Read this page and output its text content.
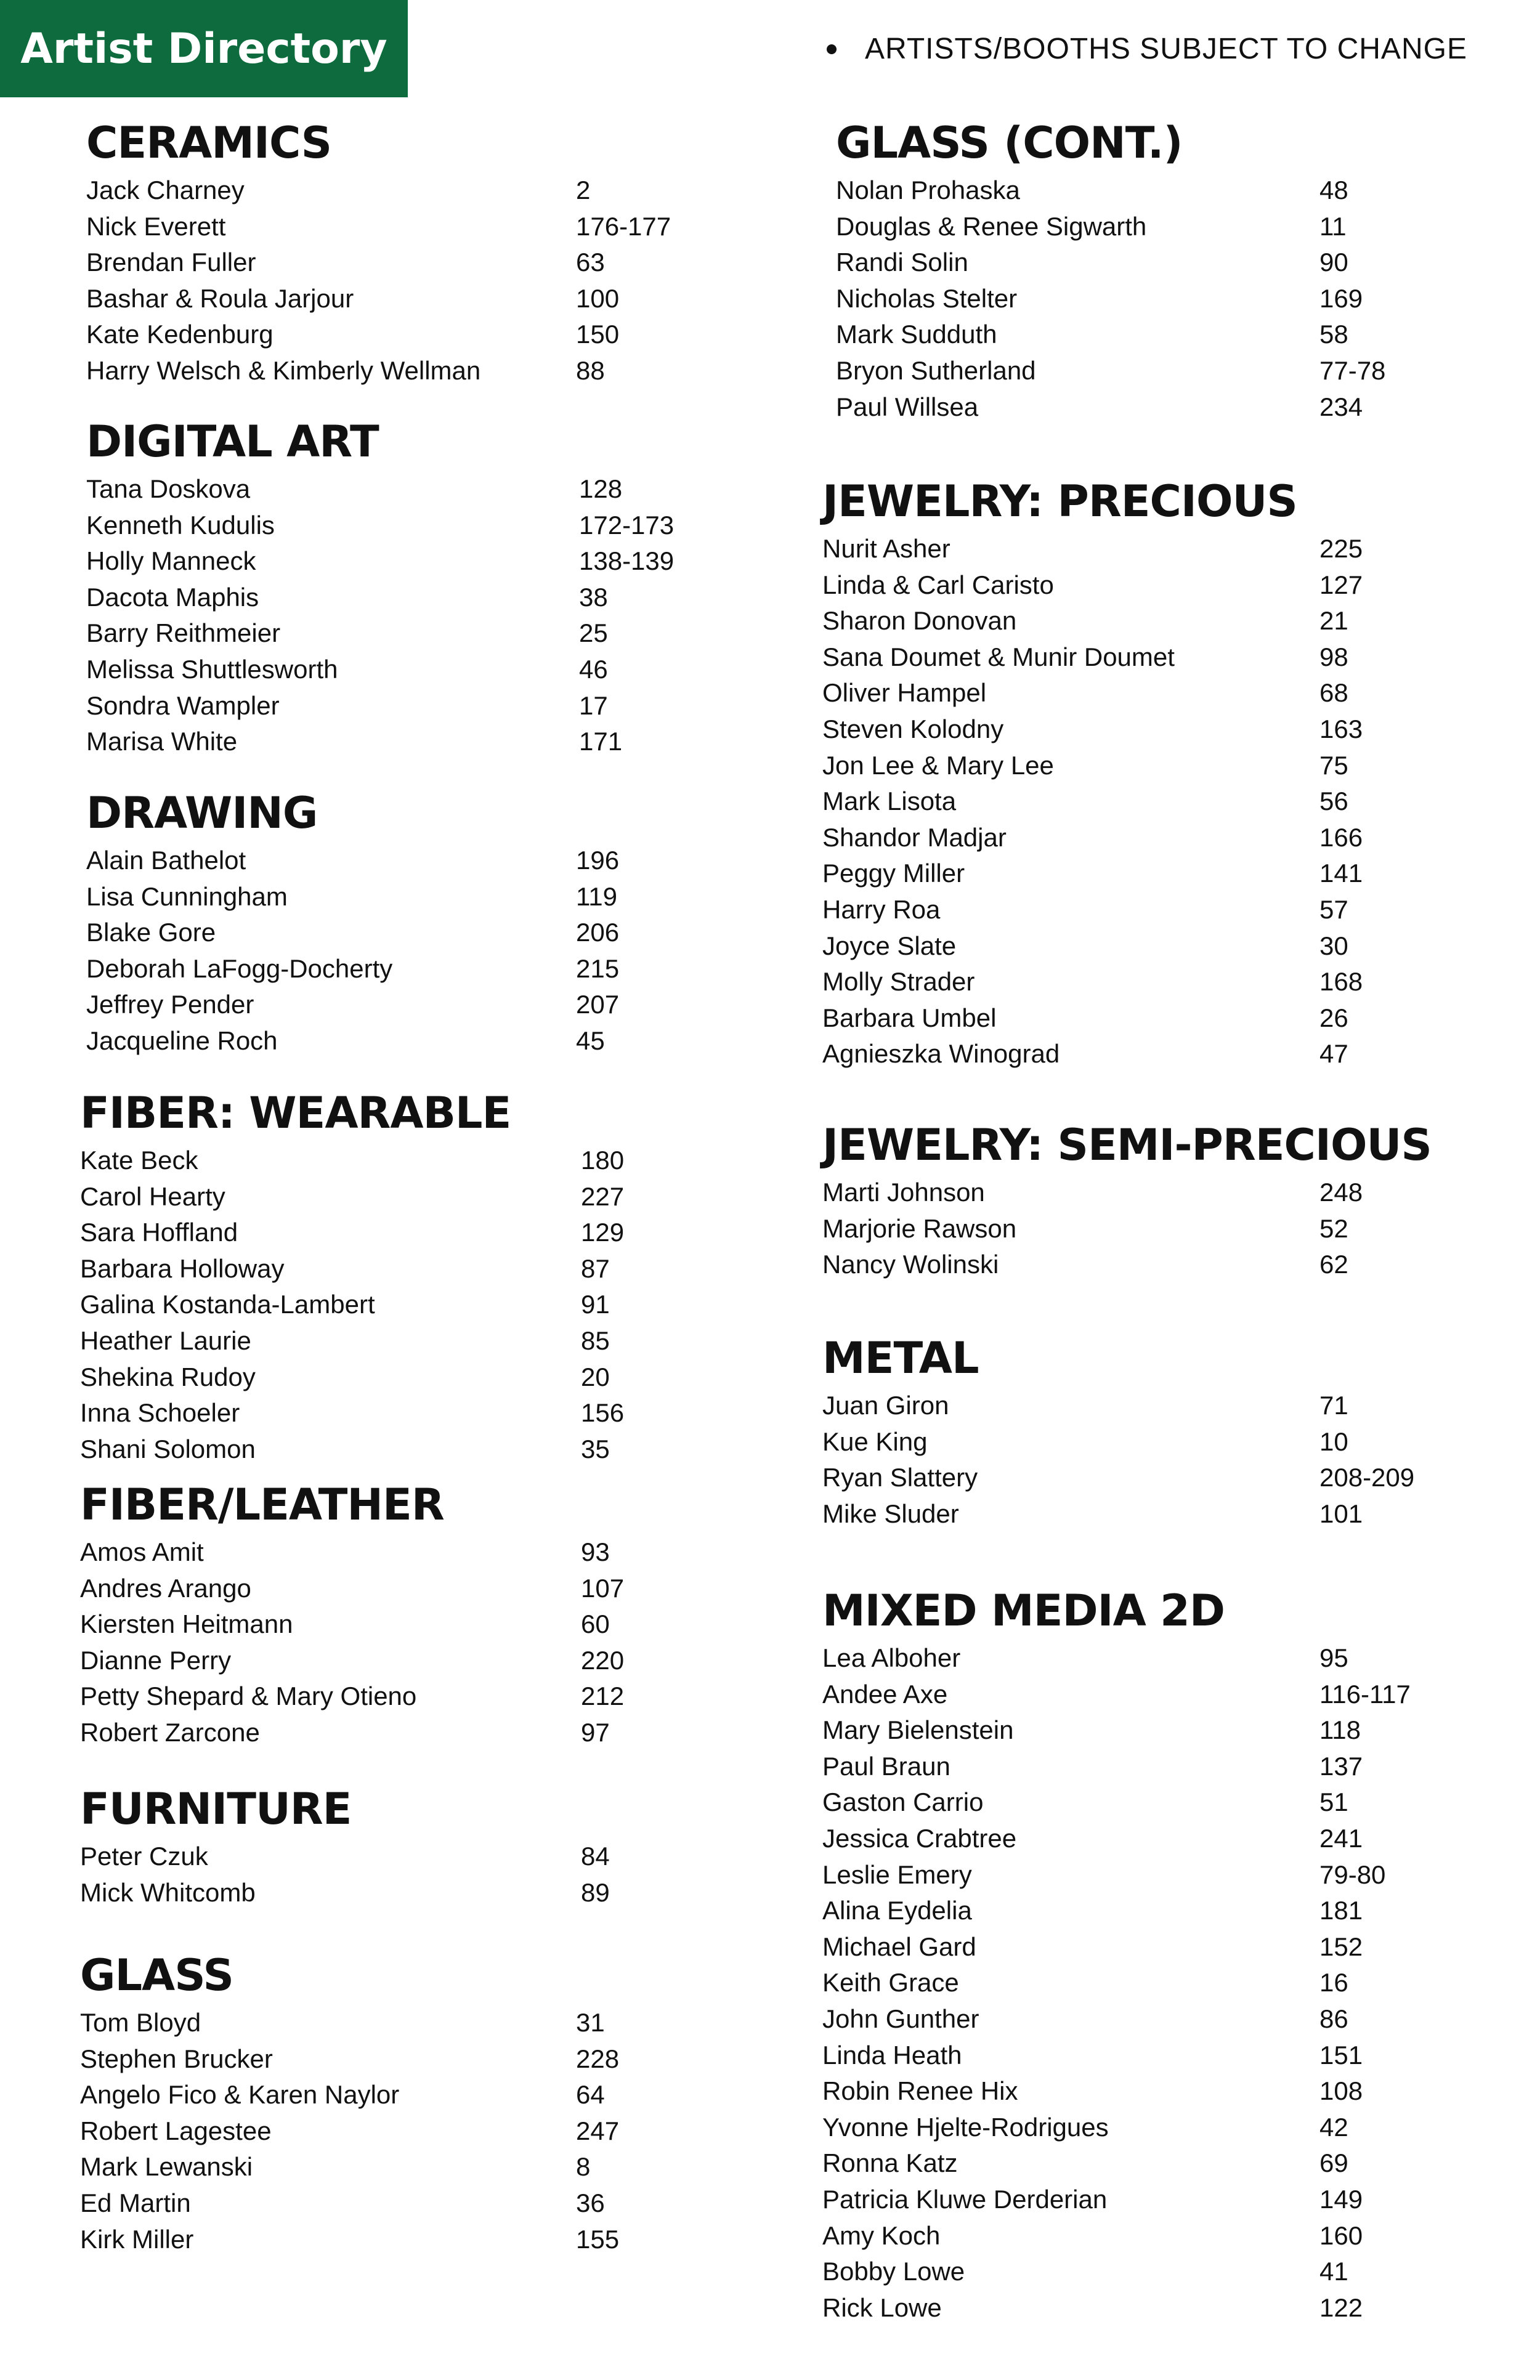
Artist Directory	ARTISTS/BOOTHS SUBJECT TO CHANGE
CERAMICS
Jack Charney	2
Nick Everett	176-177
Brendan Fuller	63
Bashar & Roula Jarjour	100
Kate Kedenburg	150
Harry Welsch & Kimberly Wellman	88
DIGITAL ART
Tana Doskova	128
Kenneth Kudulis	172-173
Holly Manneck	138-139
Dacota Maphis	38
Barry Reithmeier	25
Melissa Shuttlesworth	46
Sondra Wampler	17
Marisa White	171
DRAWING
Alain Bathelot	196
Lisa Cunningham	119
Blake Gore	206
Deborah LaFogg-Docherty	215
Jeffrey Pender	207
Jacqueline Roch	45
FIBER: WEARABLE
Kate Beck	180
Carol Hearty	227
Sara Hoffland	129
Barbara Holloway	87
Galina Kostanda-Lambert	91
Heather Laurie	85
Shekina Rudoy	20
Inna Schoeler	156
Shani Solomon	35
FIBER/LEATHER
Amos Amit	93
Andres Arango	107
Kiersten Heitmann	60
Dianne Perry	220
Petty Shepard & Mary Otieno	212
Robert Zarcone	97
FURNITURE
Peter Czuk	84
Mick Whitcomb	89
GLASS
Tom Bloyd	31
Stephen Brucker	228
Angelo Fico & Karen Naylor	64
Robert Lagestee	247
Mark Lewanski	8
Ed Martin	36
Kirk Miller	155
GLASS (CONT.)
Nolan Prohaska	48
Douglas & Renee Sigwarth	11
Randi Solin	90
Nicholas Stelter	169
Mark Sudduth	58
Bryon Sutherland	77-78
Paul Willsea	234
JEWELRY: PRECIOUS
Nurit Asher	225
Linda & Carl Caristo	127
Sharon Donovan	21
Sana Doumet & Munir Doumet	98
Oliver Hampel	68
Steven Kolodny	163
Jon Lee & Mary Lee	75
Mark Lisota	56
Shandor Madjar	166
Peggy Miller	141
Harry Roa	57
Joyce Slate	30
Molly Strader	168
Barbara Umbel	26
Agnieszka Winograd	47
JEWELRY: SEMI-PRECIOUS
Marti Johnson	248
Marjorie Rawson	52
Nancy Wolinski	62
METAL
Juan Giron	71
Kue King	10
Ryan Slattery	208-209
Mike Sluder	101
MIXED MEDIA 2D
Lea Alboher	95
Andee Axe	116-117
Mary Bielenstein	118
Paul Braun	137
Gaston Carrio	51
Jessica Crabtree	241
Leslie Emery	79-80
Alina Eydelia	181
Michael Gard	152
Keith Grace	16
John Gunther	86
Linda Heath	151
Robin Renee Hix	108
Yvonne Hjelte-Rodrigues	42
Ronna Katz	69
Patricia Kluwe Derderian	149
Amy Koch	160
Bobby Lowe	41
Rick Lowe	122
